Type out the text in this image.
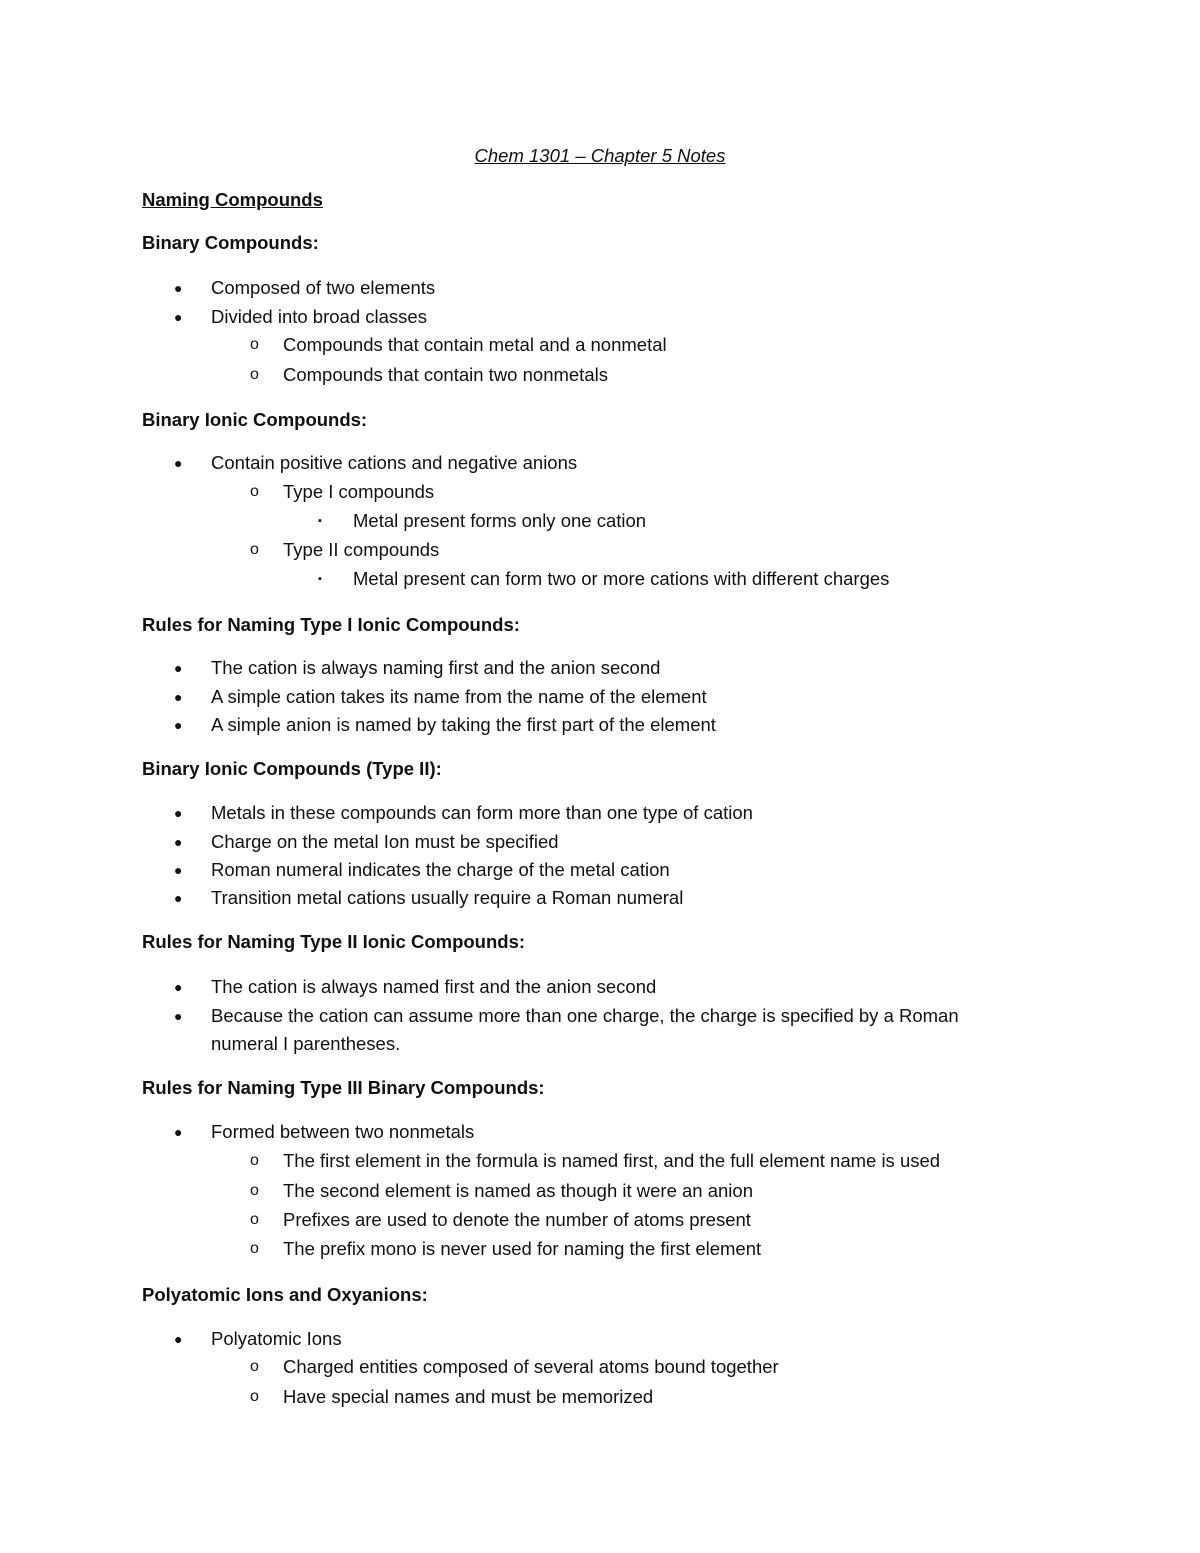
Chem 1301 – Chapter 5 Notes
Naming Compounds
Binary Compounds:
● Composed of two elements
● Divided into broad classes
o Compounds that contain metal and a nonmetal
o Compounds that contain two nonmetals
Binary Ionic Compounds:
● Contain positive cations and negative anions
o Type I compounds
▪ Metal present forms only one cation
o Type II compounds
▪ Metal present can form two or more cations with different charges
Rules for Naming Type I Ionic Compounds:
● The cation is always naming first and the anion second
● A simple cation takes its name from the name of the element
● A simple anion is named by taking the first part of the element
Binary Ionic Compounds (Type II):
● Metals in these compounds can form more than one type of cation
● Charge on the metal Ion must be specified
● Roman numeral indicates the charge of the metal cation
● Transition metal cations usually require a Roman numeral
Rules for Naming Type II Ionic Compounds:
● The cation is always named first and the anion second
● Because the cation can assume more than one charge, the charge is specified by a Roman
numeral I parentheses.
Rules for Naming Type III Binary Compounds:
● Formed between two nonmetals
o The first element in the formula is named first, and the full element name is used
o The second element is named as though it were an anion
o Prefixes are used to denote the number of atoms present
o The prefix mono is never used for naming the first element
Polyatomic Ions and Oxyanions:
● Polyatomic Ions
o Charged entities composed of several atoms bound together
o Have special names and must be memorized
